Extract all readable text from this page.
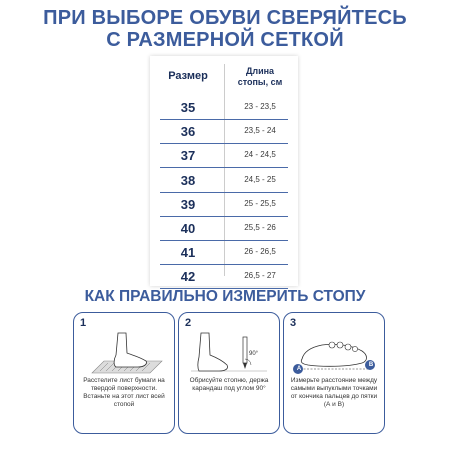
ПРИ ВЫБОРЕ ОБУВИ СВЕРЯЙТЕСЬ
С РАЗМЕРНОЙ СЕТКОЙ
Размер	Длина
стопы, см
35	23 - 23,5
36	23,5 - 24
37	24 - 24,5
38	24,5 - 25
39	25 - 25,5
40	25,5 - 26
41	26 - 26,5
42	26,5 - 27
КАК ПРАВИЛЬНО ИЗМЕРИТЬ СТОПУ
1
Расстелите лист бумаги на твердой поверхности. Встаньте на этот лист всей стопой
2
90°
Обрисуйте стопню, держа карандаш под углом 90°
3
A
B
Измерьте расстояние между самыми выпуклыми точками от кончика пальцев до пятки (А и В)
